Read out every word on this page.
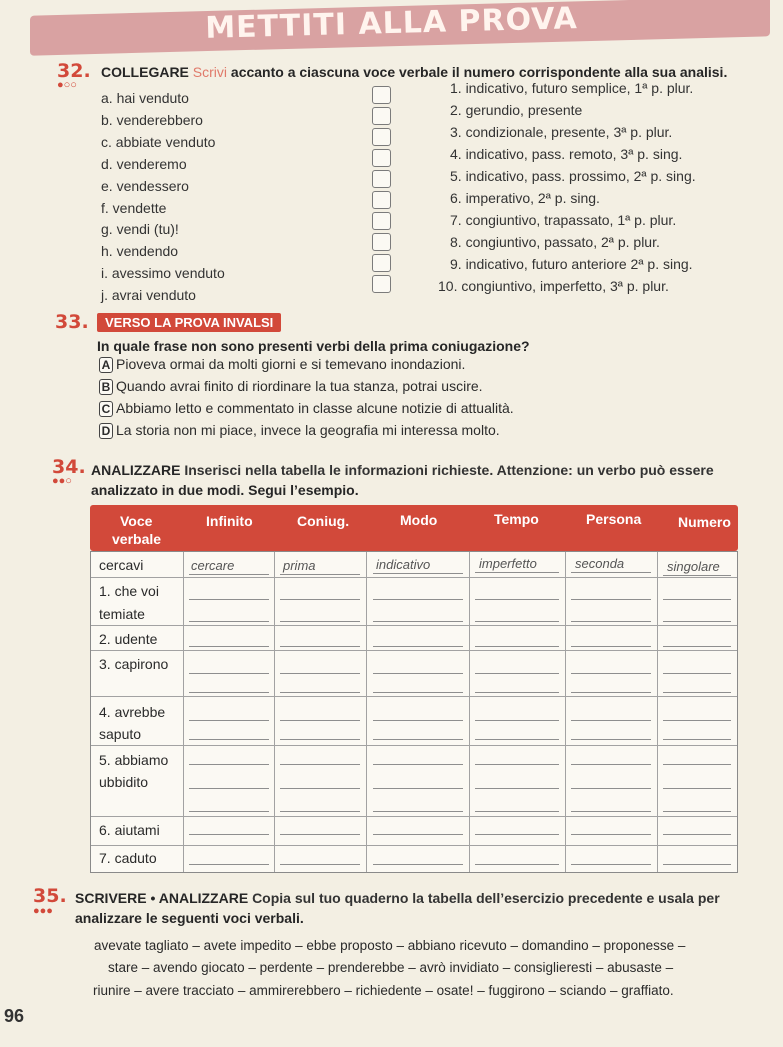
METTITI ALLA PROVA
32.
●○○
COLLEGARE Scrivi accanto a ciascuna voce verbale il numero corrispondente alla sua analisi.
a. hai venduto
b. venderebbero
c. abbiate venduto
d. venderemo
e. vendessero
f. vendette
g. vendi (tu)!
h. vendendo
i. avessimo venduto
j. avrai venduto
1. indicativo, futuro semplice, 1ª p. plur.
2. gerundio, presente
3. condizionale, presente, 3ª p. plur.
4. indicativo, pass. remoto, 3ª p. sing.
5. indicativo, pass. prossimo, 2ª p. sing.
6. imperativo, 2ª p. sing.
7. congiuntivo, trapassato, 1ª p. plur.
8. congiuntivo, passato, 2ª p. plur.
9. indicativo, futuro anteriore 2ª p. sing.
10. congiuntivo, imperfetto, 3ª p. plur.
33.	VERSO LA PROVA INVALSI
In quale frase non sono presenti verbi della prima coniugazione?
A Pioveva ormai da molti giorni e si temevano inondazioni.
B Quando avrai finito di riordinare la tua stanza, potrai uscire.
C Abbiamo letto e commentato in classe alcune notizie di attualità.
D La storia non mi piace, invece la geografia mi interessa molto.
34.
●●○
ANALIZZARE Inserisci nella tabella le informazioni richieste. Attenzione: un verbo può essere
analizzato in due modi. Segui l’esempio.
Voce
verbale
Infinito	Coniug.	Modo	Tempo	Persona	Numero
cercavi	cercare	prima	indicativo	imperfetto	seconda	singolare
1. che voi
temiate
2. udente
3. capirono
4. avrebbe
saputo
5. abbiamo
ubbidito
6. aiutami
7. caduto
35.
●●●
SCRIVERE • ANALIZZARE Copia sul tuo quaderno la tabella dell’esercizio precedente e usala per
analizzare le seguenti voci verbali.
avevate tagliato – avete impedito – ebbe proposto – abbiano ricevuto – domandino – proponesse –
stare – avendo giocato – perdente – prenderebbe – avrò invidiato – consiglieresti – abusaste –
riunire – avere tracciato – ammirerebbero – richiedente – osate! – fuggirono – sciando – graffiato.
96
